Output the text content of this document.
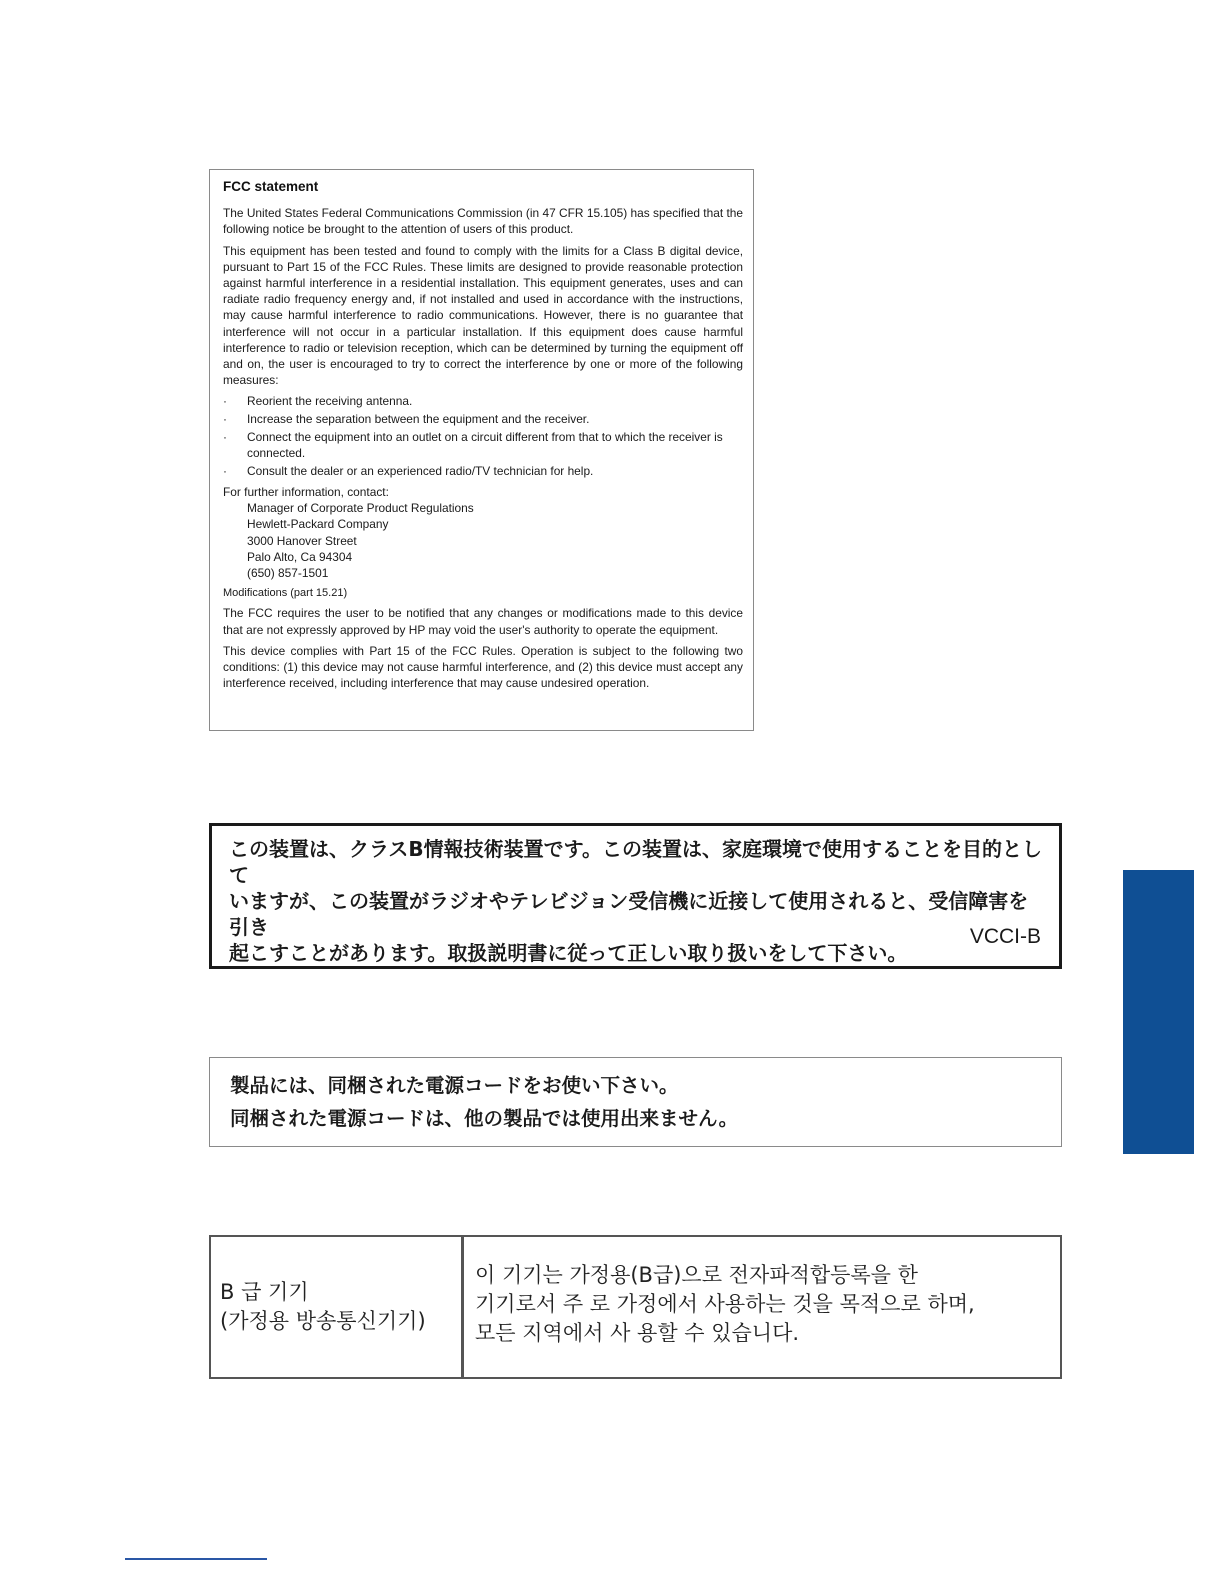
FCC statement

The United States Federal Communications Commission (in 47 CFR 15.105) has specified that the following notice be brought to the attention of users of this product.

This equipment has been tested and found to comply with the limits for a Class B digital device, pursuant to Part 15 of the FCC Rules. These limits are designed to provide reasonable protection against harmful interference in a residential installation. This equipment generates, uses and can radiate radio frequency energy and, if not installed and used in accordance with the instructions, may cause harmful interference to radio communications. However, there is no guarantee that interference will not occur in a particular installation. If this equipment does cause harmful interference to radio or television reception, which can be determined by turning the equipment off and on, the user is encouraged to try to correct the interference by one or more of the following measures:

· Reorient the receiving antenna.
· Increase the separation between the equipment and the receiver.
· Connect the equipment into an outlet on a circuit different from that to which the receiver is connected.
· Consult the dealer or an experienced radio/TV technician for help.
For further information, contact:
Manager of Corporate Product Regulations
Hewlett-Packard Company
3000 Hanover Street
Palo Alto, Ca 94304
(650) 857-1501
Modifications (part 15.21)

The FCC requires the user to be notified that any changes or modifications made to this device that are not expressly approved by HP may void the user's authority to operate the equipment.

This device complies with Part 15 of the FCC Rules. Operation is subject to the following two conditions: (1) this device may not cause harmful interference, and (2) this device must accept any interference received, including interference that may cause undesired operation.

この装置は、クラスB情報技術装置です。この装置は、家庭環境で使用することを目的として
いますが、この装置がラジオやテレビジョン受信機に近接して使用されると、受信障害を引き
起こすことがあります。取扱説明書に従って正しい取り扱いをして下さい。
VCCI-B
製品には、同梱された電源コードをお使い下さい。
同梱された電源コードは、他の製品では使用出来ません。
B 급 기기
(가정용 방송통신기기)
이 기기는 가정용(B급)으로 전자파적합등록을 한
기기로서 주 로 가정에서 사용하는 것을 목적으로 하며,
모든 지역에서 사 용할 수 있습니다.
